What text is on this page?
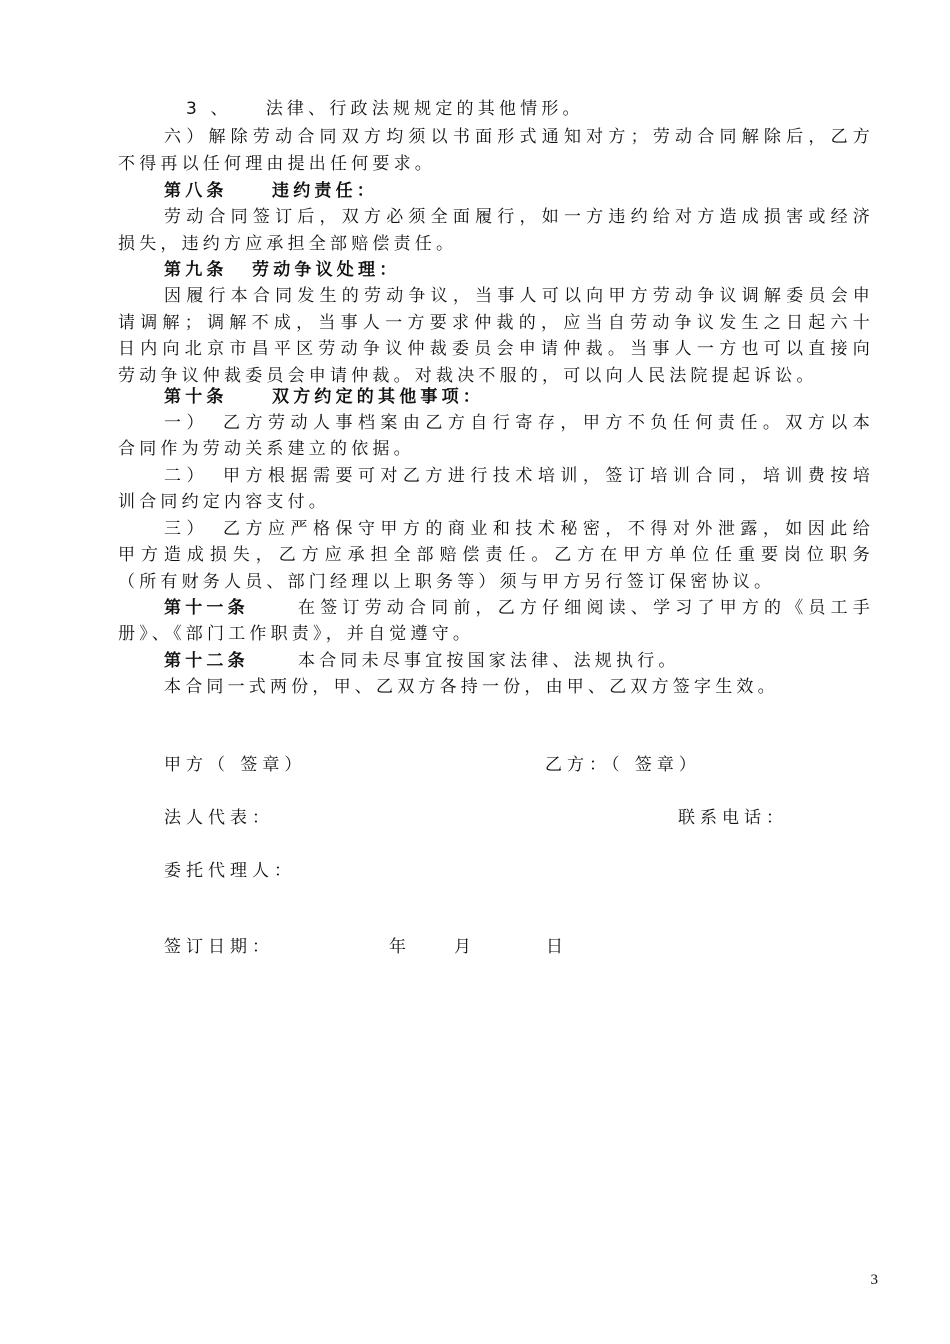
3 、　　法律、行政法规规定的其他情形。
六）解除劳动合同双方均须以书面形式通知对方；劳动合同解除后，乙方
不得再以任何理由提出任何要求。
第八条	违约责任：
劳动合同签订后，双方必须全面履行，如一方违约给对方造成损害或经济
损失，违约方应承担全部赔偿责任。
第九条 劳动争议处理：
因履行本合同发生的劳动争议，当事人可以向甲方劳动争议调解委员会申
请调解；调解不成，当事人一方要求仲裁的，应当自劳动争议发生之日起六十
日内向北京市昌平区劳动争议仲裁委员会申请仲裁。当事人一方也可以直接向
劳动争议仲裁委员会申请仲裁。对裁决不服的，可以向人民法院提起诉讼。
第十条	双方约定的其他事项：
一）　乙方劳动人事档案由乙方自行寄存，甲方不负任何责任。双方以本
合同作为劳动关系建立的依据。
二）　甲方根据需要可对乙方进行技术培训，签订培训合同，培训费按培
训合同约定内容支付。
三）　乙方应严格保守甲方的商业和技术秘密，不得对外泄露，如因此给
甲方造成损失，乙方应承担全部赔偿责任。乙方在甲方单位任重要岗位职务
（所有财务人员、部门经理以上职务等）须与甲方另行签订保密协议。
第十一条	在签订劳动合同前，乙方仔细阅读、学习了甲方的《员工手
册》、《部门工作职责》，并自觉遵守。
第十二条	本合同未尽事宜按国家法律、法规执行。
本合同一式两份，甲、乙双方各持一份，由甲、乙双方签字生效。
甲方（ 签章）	乙方：（ 签章）
法人代表：	联系电话：
委托代理人：
签订日期：	年	月	日
3
